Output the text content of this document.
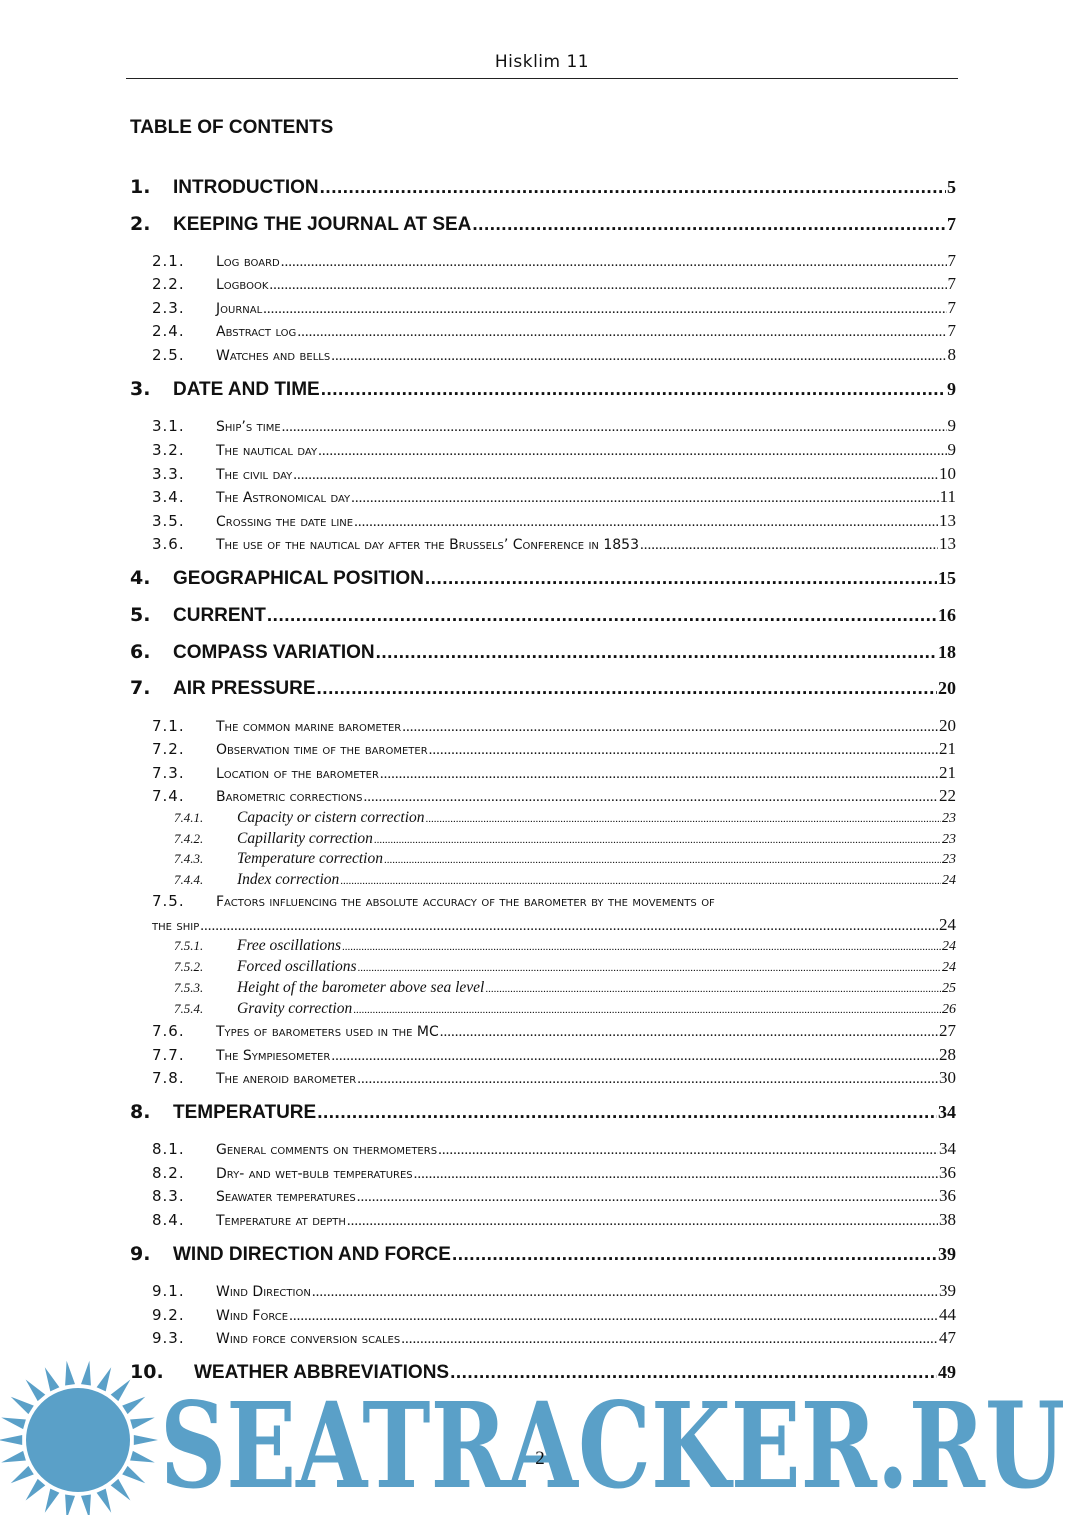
Hisklim 11
TABLE OF CONTENTS
1.	INTRODUCTION .....	5
2.	KEEPING THE JOURNAL AT SEA .....	7
2.1.	Log board .....	7
2.2.	Logbook .....	7
2.3.	Journal .....	7
2.4.	Abstract log .....	7
2.5.	Watches and bells .....	8
3.	DATE AND TIME .....	9
3.1.	Ship’s time .....	9
3.2.	The nautical day .....	9
3.3.	The civil day .....	10
3.4.	The Astronomical day .....	11
3.5.	Crossing the date line .....	13
3.6.	The use of the nautical day after the Brussels’ Conference in 1853 .....	13
4.	GEOGRAPHICAL POSITION .....	15
5.	CURRENT .....	16
6.	COMPASS VARIATION .....	18
7.	AIR PRESSURE .....	20
7.1.	The common marine barometer .....	20
7.2.	Observation time of the barometer .....	21
7.3.	Location of the barometer .....	21
7.4.	Barometric corrections .....	22
7.4.1.	Capacity or cistern correction .....	23
7.4.2.	Capillarity correction .....	23
7.4.3.	Temperature correction .....	23
7.4.4.	Index correction .....	24
7.5. Factors influencing the absolute accuracy of the barometer by the movements of
the ship .....	24
7.5.1.	Free oscillations .....	24
7.5.2.	Forced oscillations .....	24
7.5.3.	Height of the barometer above sea level .....	25
7.5.4.	Gravity correction .....	26
7.6.	Types of barometers used in the MC .....	27
7.7.	The Sympiesometer .....	28
7.8.	The aneroid barometer .....	30
8.	TEMPERATURE .....	34
8.1.	General comments on thermometers .....	34
8.2.	Dry- and wet-bulb temperatures .....	36
8.3.	Seawater temperatures .....	36
8.4.	Temperature at depth .....	38
9.	WIND DIRECTION AND FORCE .....	39
9.1.	Wind Direction .....	39
9.2.	Wind Force .....	44
9.3.	Wind force conversion scales .....	47
10.	WEATHER ABBREVIATIONS .....	49
SEATRACKER.RU
2
